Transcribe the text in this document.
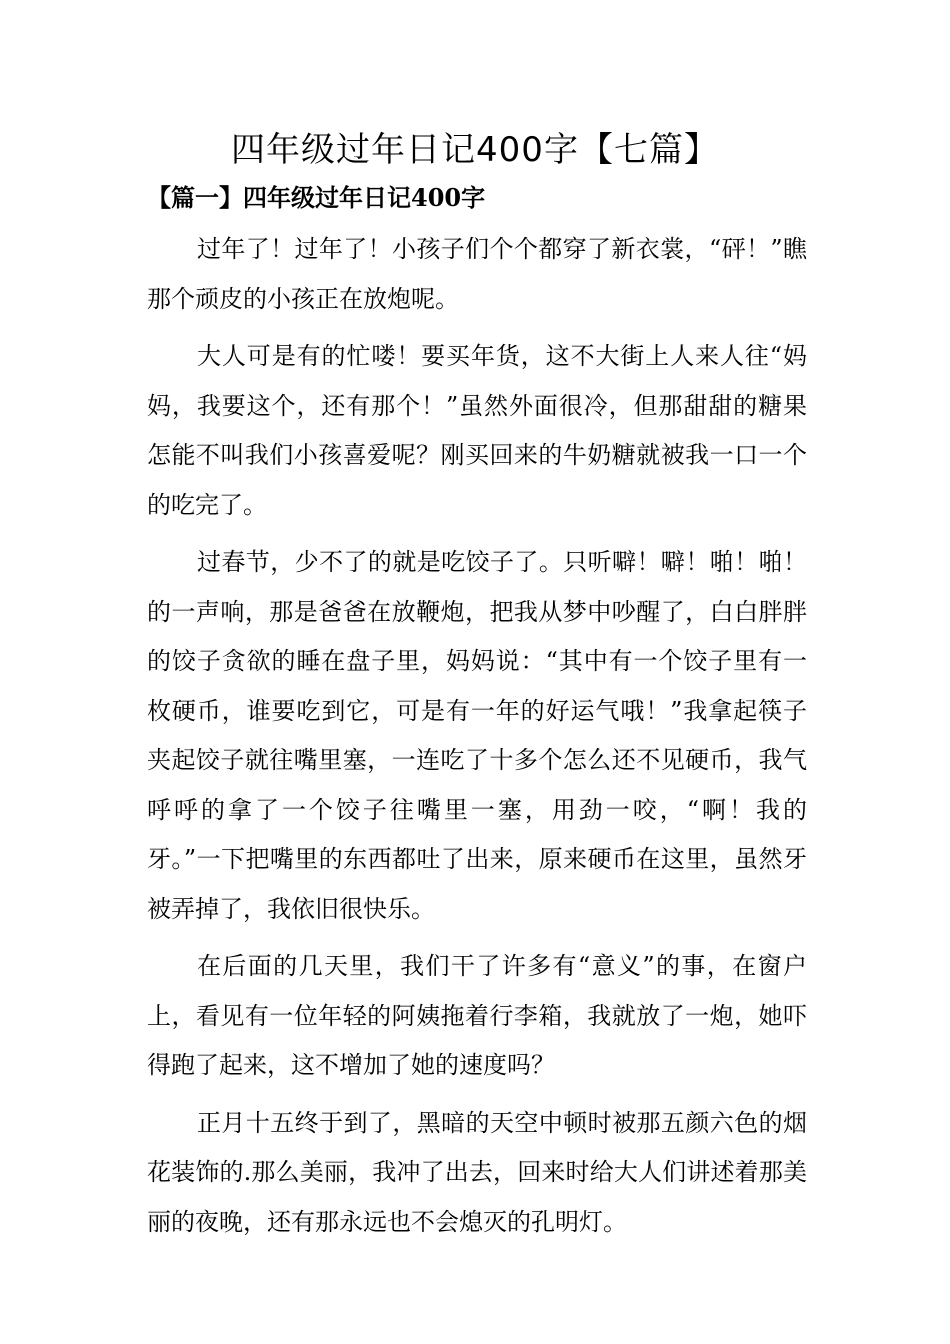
四年级过年日记400字【七篇】
【篇一】四年级过年日记400字

过年了！过年了！小孩子们个个都穿了新衣裳，“砰！”瞧那个顽皮的小孩正在放炮呢。

大人可是有的忙喽！要买年货，这不大街上人来人往“妈妈，我要这个，还有那个！”虽然外面很冷，但那甜甜的糖果怎能不叫我们小孩喜爱呢？刚买回来的牛奶糖就被我一口一个的吃完了。

过春节，少不了的就是吃饺子了。只听噼！噼！啪！啪！的一声响，那是爸爸在放鞭炮，把我从梦中吵醒了，白白胖胖的饺子贪欲的睡在盘子里，妈妈说：“其中有一个饺子里有一枚硬币，谁要吃到它，可是有一年的好运气哦！”我拿起筷子夹起饺子就往嘴里塞，一连吃了十多个怎么还不见硬币，我气呼呼的拿了一个饺子往嘴里一塞，用劲一咬，“啊！我的牙。”一下把嘴里的东西都吐了出来，原来硬币在这里，虽然牙被弄掉了，我依旧很快乐。

在后面的几天里，我们干了许多有“意义”的事，在窗户上，看见有一位年轻的阿姨拖着行李箱，我就放了一炮，她吓得跑了起来，这不增加了她的速度吗？

正月十五终于到了，黑暗的天空中顿时被那五颜六色的烟花装饰的.那么美丽，我冲了出去，回来时给大人们讲述着那美丽的夜晚，还有那永远也不会熄灭的孔明灯。
